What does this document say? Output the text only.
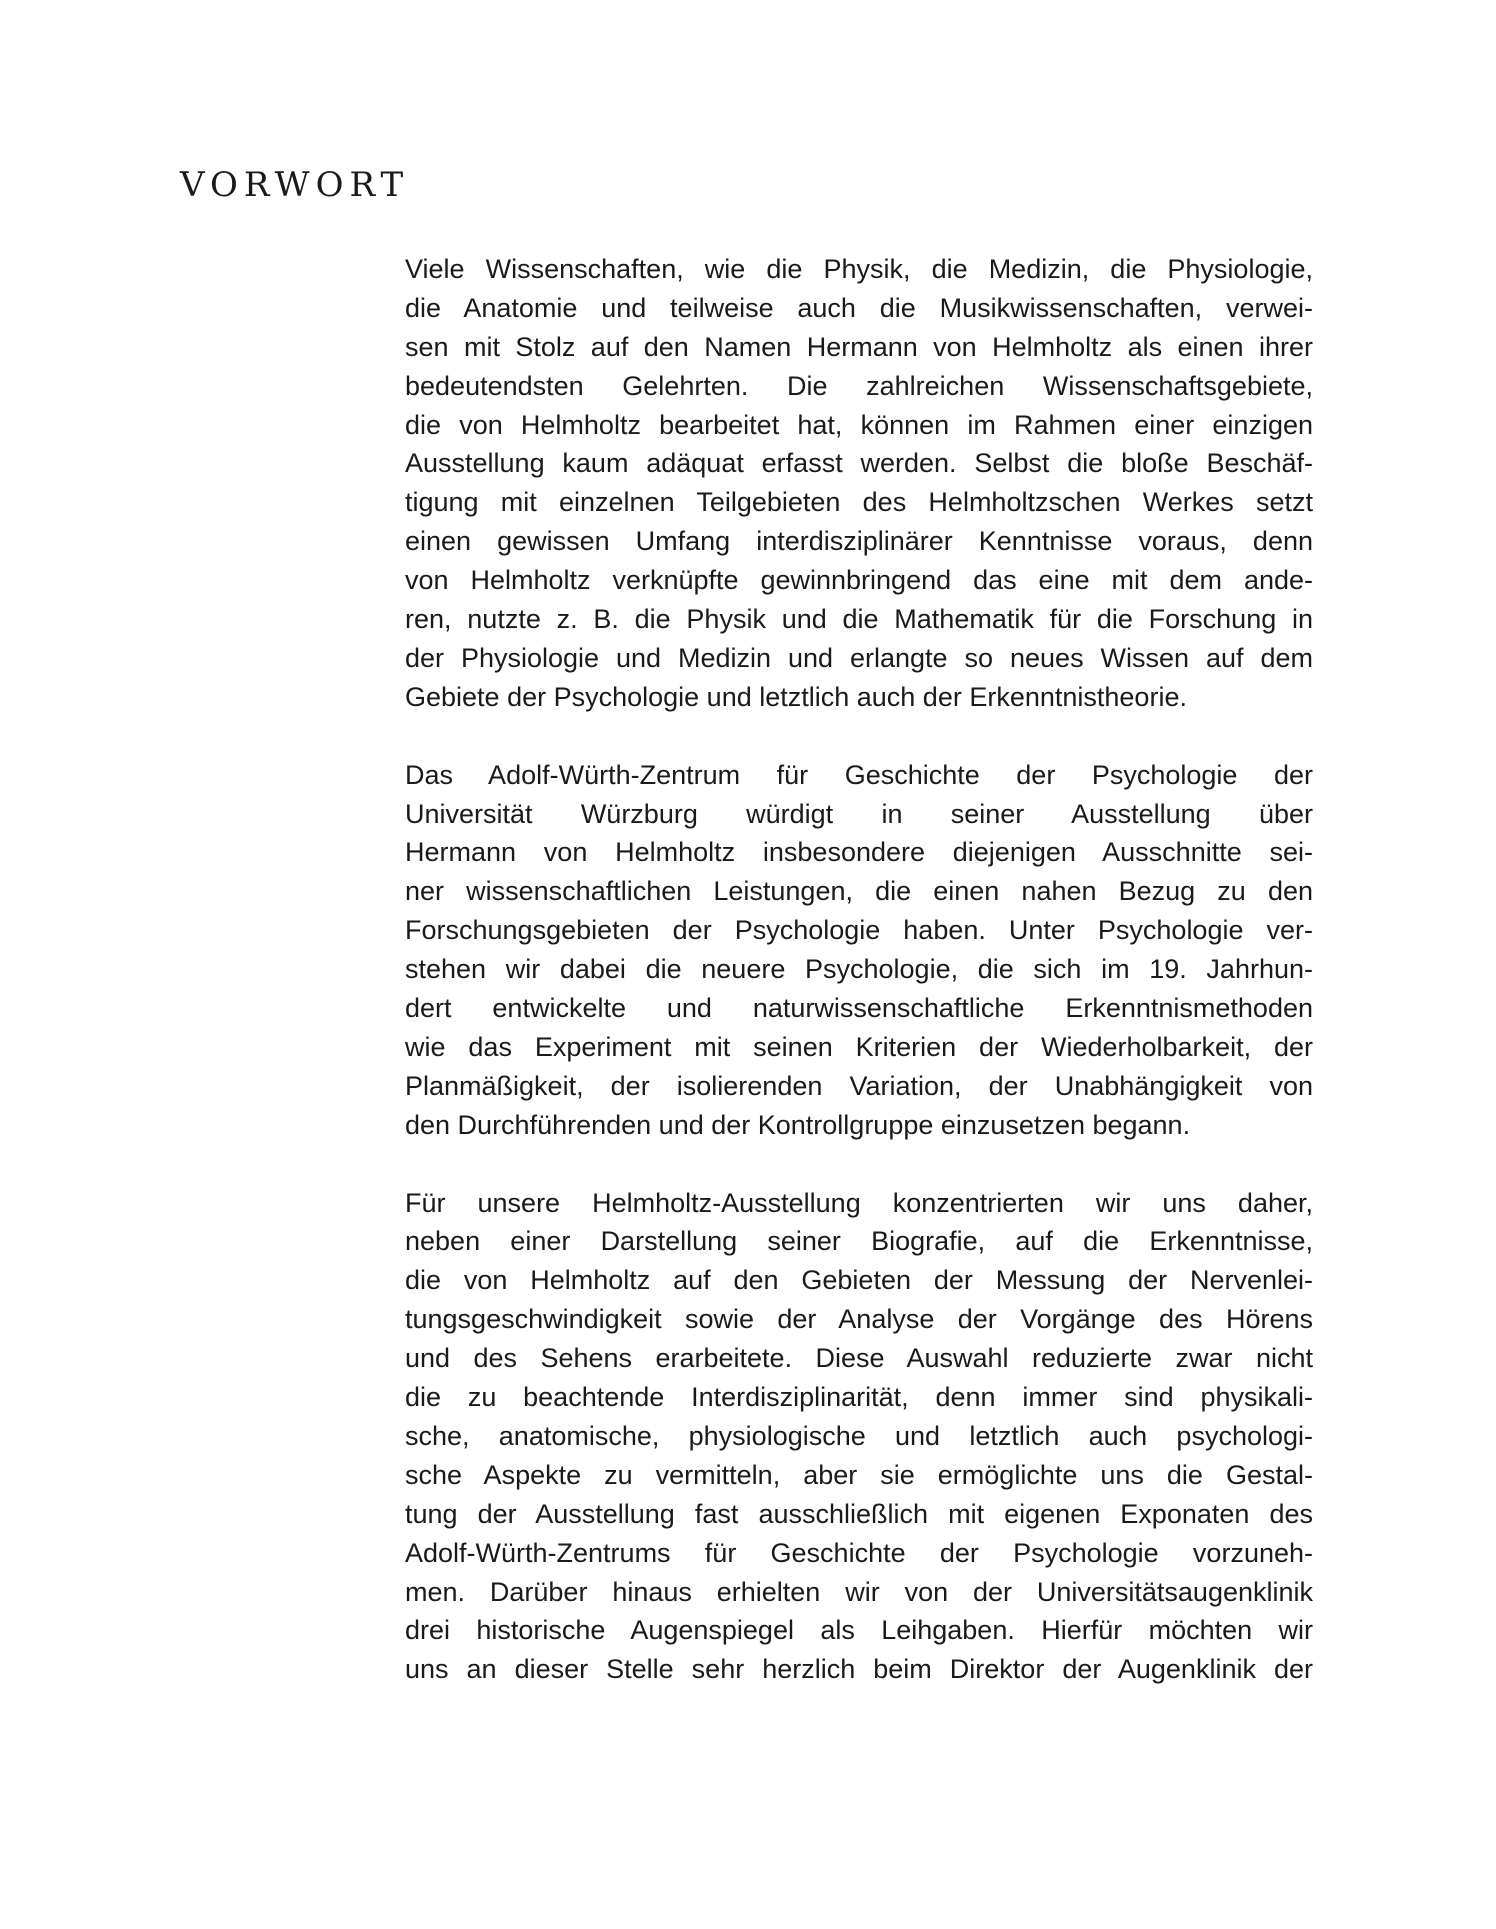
VORWORT

Viele Wissenschaften, wie die Physik, die Medizin, die Physiologie,
die Anatomie und teilweise auch die Musikwissenschaften, verwei-
sen mit Stolz auf den Namen Hermann von Helmholtz als einen ihrer
bedeutendsten Gelehrten. Die zahlreichen Wissenschaftsgebiete,
die von Helmholtz bearbeitet hat, können im Rahmen einer einzigen
Ausstellung kaum adäquat erfasst werden. Selbst die bloße Beschäf-
tigung mit einzelnen Teilgebieten des Helmholtzschen Werkes setzt
einen gewissen Umfang interdisziplinärer Kenntnisse voraus, denn
von Helmholtz verknüpfte gewinnbringend das eine mit dem ande-
ren, nutzte z. B. die Physik und die Mathematik für die Forschung in
der Physiologie und Medizin und erlangte so neues Wissen auf dem
Gebiete der Psychologie und letztlich auch der Erkenntnistheorie.

Das Adolf-Würth-Zentrum für Geschichte der Psychologie der
Universität Würzburg würdigt in seiner Ausstellung über
Hermann von Helmholtz insbesondere diejenigen Ausschnitte sei-
ner wissenschaftlichen Leistungen, die einen nahen Bezug zu den
Forschungsgebieten der Psychologie haben. Unter Psychologie ver-
stehen wir dabei die neuere Psychologie, die sich im 19. Jahrhun-
dert entwickelte und naturwissenschaftliche Erkenntnismethoden
wie das Experiment mit seinen Kriterien der Wiederholbarkeit, der
Planmäßigkeit, der isolierenden Variation, der Unabhängigkeit von
den Durchführenden und der Kontrollgruppe einzusetzen begann.

Für unsere Helmholtz-Ausstellung konzentrierten wir uns daher,
neben einer Darstellung seiner Biografie, auf die Erkenntnisse,
die von Helmholtz auf den Gebieten der Messung der Nervenlei-
tungsgeschwindigkeit sowie der Analyse der Vorgänge des Hörens
und des Sehens erarbeitete. Diese Auswahl reduzierte zwar nicht
die zu beachtende Interdisziplinarität, denn immer sind physikali-
sche, anatomische, physiologische und letztlich auch psychologi-
sche Aspekte zu vermitteln, aber sie ermöglichte uns die Gestal-
tung der Ausstellung fast ausschließlich mit eigenen Exponaten des
Adolf-Würth-Zentrums für Geschichte der Psychologie vorzuneh-
men. Darüber hinaus erhielten wir von der Universitätsaugenklinik
drei historische Augenspiegel als Leihgaben. Hierfür möchten wir
uns an dieser Stelle sehr herzlich beim Direktor der Augenklinik der
